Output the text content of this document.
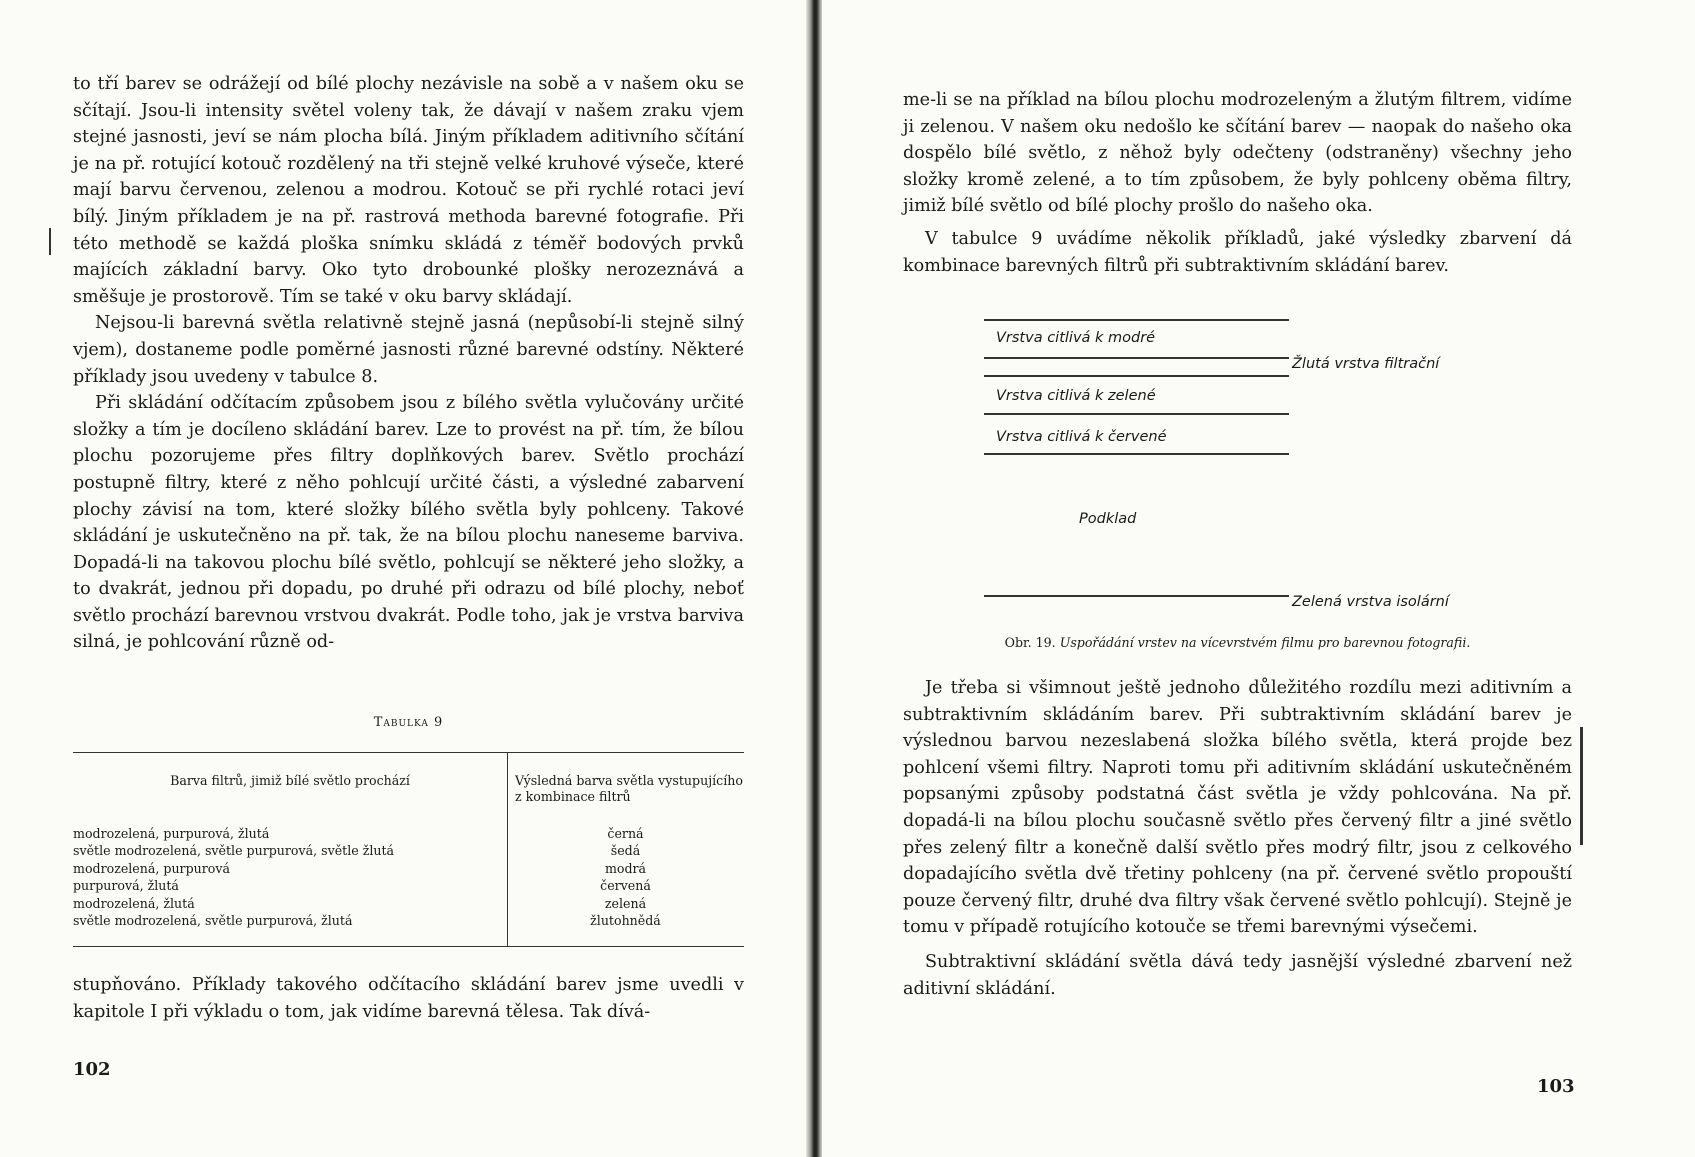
to tří barev se odrážejí od bílé plochy nezávisle na sobě a v našem oku se sčítají. Jsou-li intensity světel voleny tak, že dávají v našem zraku vjem stejné jasnosti, jeví se nám plocha bílá. Jiným příkladem aditivního sčítání je na př. rotující kotouč rozdělený na tři stejně velké kruhové výseče, které mají barvu červenou, zelenou a modrou. Kotouč se při rychlé rotaci jeví bílý. Jiným příkladem je na př. rastrová methoda barevné fotografie. Při této methodě se každá ploška snímku skládá z téměř bodových prvků majících základní barvy. Oko tyto drobounké plošky nerozeznává a směšuje je prostorově. Tím se také v oku barvy skládají.

Nejsou-li barevná světla relativně stejně jasná (nepůsobí-li stejně silný vjem), dostaneme podle poměrné jasnosti různé barevné odstíny. Některé příklady jsou uvedeny v tabulce 8.

Při skládání odčítacím způsobem jsou z bílého světla vylučovány určité složky a tím je docíleno skládání barev. Lze to provést na př. tím, že bílou plochu pozorujeme přes filtry doplňkových barev. Světlo prochází postupně filtry, které z něho pohlcují určité části, a výsledné zabarvení plochy závisí na tom, které složky bílého světla byly pohlceny. Takové skládání je uskutečněno na př. tak, že na bílou plochu naneseme barviva. Dopadá-li na takovou plochu bílé světlo, pohlcují se některé jeho složky, a to dvakrát, jednou při dopadu, po druhé při odrazu od bílé plochy, neboť světlo prochází barevnou vrstvou dvakrát. Podle toho, jak je vrstva barviva silná, je pohlcování různě od-

Tabulka 9
Barva filtrů, jimiž bílé světlo prochází	Výsledná barva světla vystupujícího z kombinace filtrů
modrozelená, purpurová, žlutá	černá
světle modrozelená, světle purpurová, světle žlutá	šedá
modrozelená, purpurová	modrá
purpurová, žlutá	červená
modrozelená, žlutá	zelená
světle modrozelená, světle purpurová, žlutá	žlutohnědá

stupňováno. Příklady takového odčítacího skládání barev jsme uvedli v kapitole I při výkladu o tom, jak vidíme barevná tělesa. Tak dívá-

102

me-li se na příklad na bílou plochu modrozeleným a žlutým filtrem, vidíme ji zelenou. V našem oku nedošlo ke sčítání barev — naopak do našeho oka dospělo bílé světlo, z něhož byly odečteny (odstraněny) všechny jeho složky kromě zelené, a to tím způsobem, že byly pohlceny oběma filtry, jimiž bílé světlo od bílé plochy prošlo do našeho oka.

V tabulce 9 uvádíme několik příkladů, jaké výsledky zbarvení dá kombinace barevných filtrů při subtraktivním skládání barev.

Vrstva citlivá k modré
Žlutá vrstva filtrační
Vrstva citlivá k zelené
Vrstva citlivá k červené
Podklad
Zelená vrstva isolární
Obr. 19. Uspořádání vrstev na vícevrstvém filmu pro barevnou fotografii.

Je třeba si všimnout ještě jednoho důležitého rozdílu mezi aditivním a subtraktivním skládáním barev. Při subtraktivním skládání barev je výslednou barvou nezeslabená složka bílého světla, která projde bez pohlcení všemi filtry. Naproti tomu při aditivním skládání uskutečněném popsanými způsoby podstatná část světla je vždy pohlcována. Na př. dopadá-li na bílou plochu současně světlo přes červený filtr a jiné světlo přes zelený filtr a konečně další světlo přes modrý filtr, jsou z celkového dopadajícího světla dvě třetiny pohlceny (na př. červené světlo propouští pouze červený filtr, druhé dva filtry však červené světlo pohlcují). Stejně je tomu v případě rotujícího kotouče se třemi barevnými výsečemi.

Subtraktivní skládání světla dává tedy jasnější výsledné zbarvení než aditivní skládání.

103
